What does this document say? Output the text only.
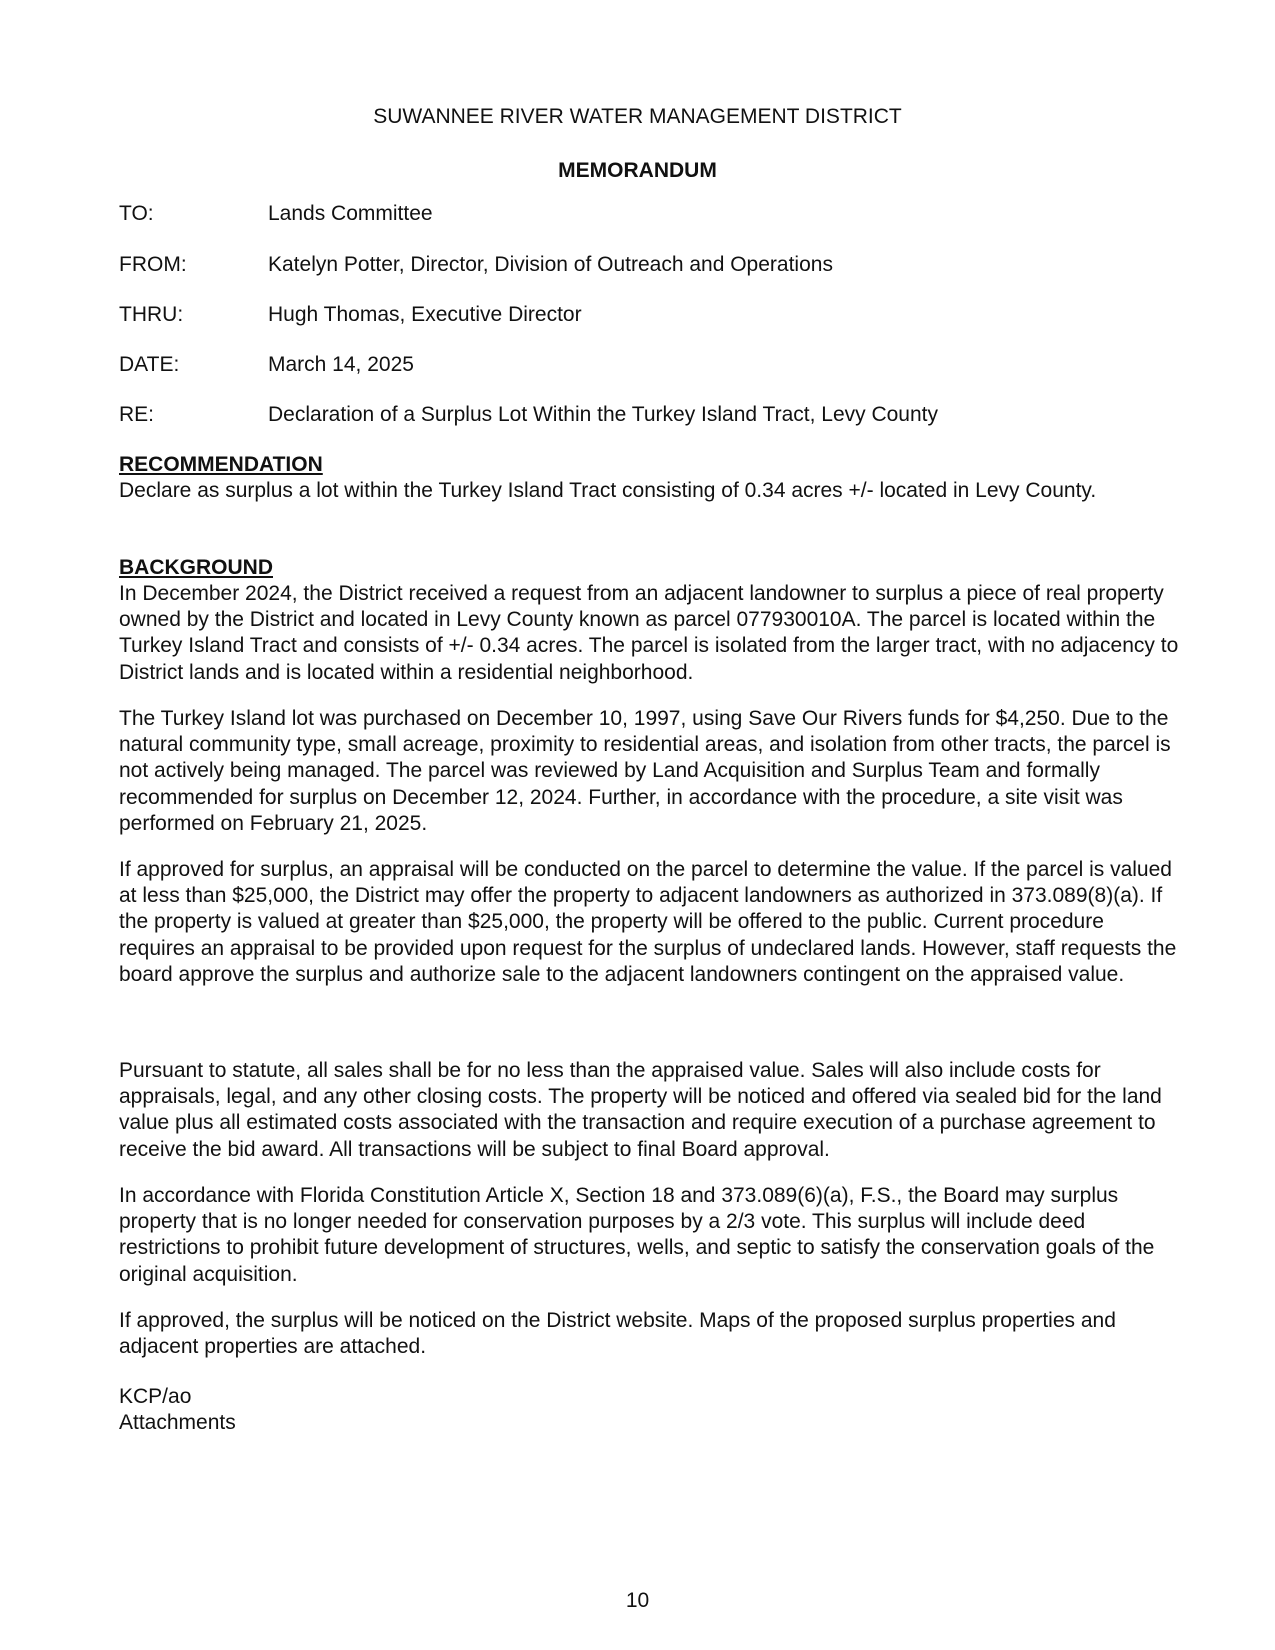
SUWANNEE RIVER WATER MANAGEMENT DISTRICT
MEMORANDUM
TO:	Lands Committee
FROM:	Katelyn Potter, Director, Division of Outreach and Operations
THRU:	Hugh Thomas, Executive Director
DATE:	March 14, 2025
RE:	Declaration of a Surplus Lot Within the Turkey Island Tract, Levy County
RECOMMENDATION
Declare as surplus a lot within the Turkey Island Tract consisting of 0.34 acres +/- located in Levy County.
BACKGROUND
In December 2024, the District received a request from an adjacent landowner to surplus a piece of real property owned by the District and located in Levy County known as parcel 077930010A. The parcel is located within the Turkey Island Tract and consists of +/- 0.34 acres. The parcel is isolated from the larger tract, with no adjacency to District lands and is located within a residential neighborhood.
The Turkey Island lot was purchased on December 10, 1997, using Save Our Rivers funds for $4,250. Due to the natural community type, small acreage, proximity to residential areas, and isolation from other tracts, the parcel is not actively being managed. The parcel was reviewed by Land Acquisition and Surplus Team and formally recommended for surplus on December 12, 2024. Further, in accordance with the procedure, a site visit was performed on February 21, 2025.
If approved for surplus, an appraisal will be conducted on the parcel to determine the value. If the parcel is valued at less than $25,000, the District may offer the property to adjacent landowners as authorized in 373.089(8)(a). If the property is valued at greater than $25,000, the property will be offered to the public. Current procedure requires an appraisal to be provided upon request for the surplus of undeclared lands. However, staff requests the board approve the surplus and authorize sale to the adjacent landowners contingent on the appraised value.
Pursuant to statute, all sales shall be for no less than the appraised value. Sales will also include costs for appraisals, legal, and any other closing costs. The property will be noticed and offered via sealed bid for the land value plus all estimated costs associated with the transaction and require execution of a purchase agreement to receive the bid award. All transactions will be subject to final Board approval.
In accordance with Florida Constitution Article X, Section 18 and 373.089(6)(a), F.S., the Board may surplus property that is no longer needed for conservation purposes by a 2/3 vote. This surplus will include deed restrictions to prohibit future development of structures, wells, and septic to satisfy the conservation goals of the original acquisition.
If approved, the surplus will be noticed on the District website. Maps of the proposed surplus properties and adjacent properties are attached.
KCP/ao
Attachments
10
